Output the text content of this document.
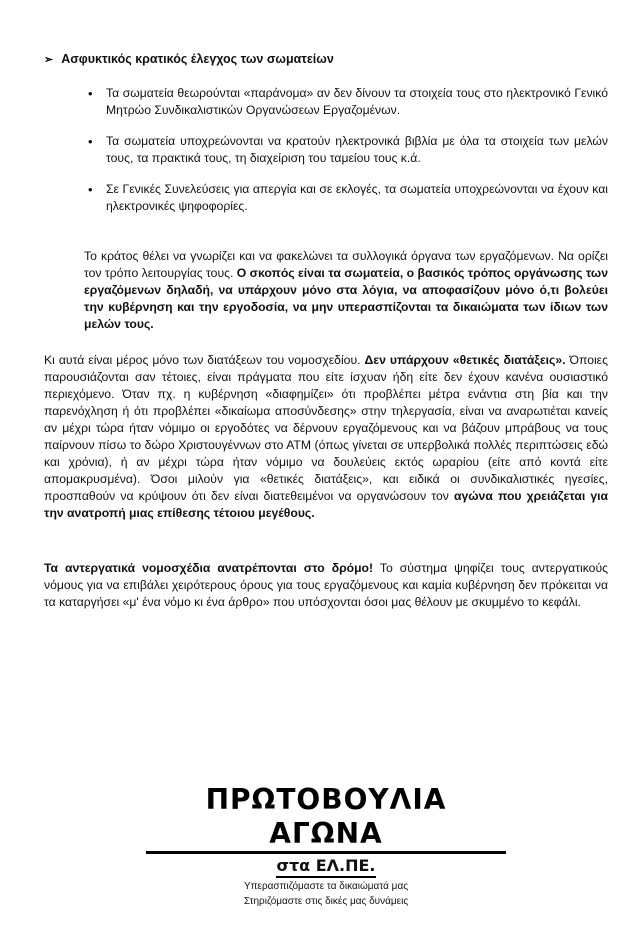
➢ Ασφυκτικός κρατικός έλεγχος των σωματείων
• Τα σωματεία θεωρούνται «παράνομα» αν δεν δίνουν τα στοιχεία τους στο ηλεκτρονικό Γενικό Μητρώο Συνδικαλιστικών Οργανώσεων Εργαζομένων.
• Τα σωματεία υποχρεώνονται να κρατούν ηλεκτρονικά βιβλία με όλα τα στοιχεία των μελών τους, τα πρακτικά τους, τη διαχείριση του ταμείου τους κ.ά.
• Σε Γενικές Συνελεύσεις για απεργία και σε εκλογές, τα σωματεία υποχρεώνονται να έχουν και ηλεκτρονικές ψηφοφορίες.

Το κράτος θέλει να γνωρίζει και να φακελώνει τα συλλογικά όργανα των εργαζόμενων. Να ορίζει τον τρόπο λειτουργίας τους. Ο σκοπός είναι τα σωματεία, ο βασικός τρόπος οργάνωσης των εργαζόμενων δηλαδή, να υπάρχουν μόνο στα λόγια, να αποφασίζουν μόνο ό,τι βολεύει την κυβέρνηση και την εργοδοσία, να μην υπερασπίζονται τα δικαιώματα των ίδιων των μελών τους.

Κι αυτά είναι μέρος μόνο των διατάξεων του νομοσχεδίου. Δεν υπάρχουν «θετικές διατάξεις». Όποιες παρουσιάζονται σαν τέτοιες, είναι πράγματα που είτε ίσχυαν ήδη είτε δεν έχουν κανένα ουσιαστικό περιεχόμενο. Όταν πχ. η κυβέρνηση «διαφημίζει» ότι προβλέπει μέτρα ενάντια στη βία και την παρενόχληση ή ότι προβλέπει «δικαίωμα αποσύνδεσης» στην τηλεργασία, είναι να αναρωτιέται κανείς αν μέχρι τώρα ήταν νόμιμο οι εργοδότες να δέρνουν εργαζόμενους και να βάζουν μπράβους να τους παίρνουν πίσω το δώρο Χριστουγέννων στο ΑΤΜ (όπως γίνεται σε υπερβολικά πολλές περιπτώσεις εδώ και χρόνια), ή αν μέχρι τώρα ήταν νόμιμο να δουλεύεις εκτός ωραρίου (είτε από κοντά είτε απομακρυσμένα). Όσοι μιλούν για «θετικές διατάξεις», και ειδικά οι συνδικαλιστικές ηγεσίες, προσπαθούν να κρύψουν ότι δεν είναι διατεθειμένοι να οργανώσουν τον αγώνα που χρειάζεται για την ανατροπή μιας επίθεσης τέτοιου μεγέθους.

Τα αντεργατικά νομοσχέδια ανατρέπονται στο δρόμο! Το σύστημα ψηφίζει τους αντεργατικούς νόμους για να επιβάλει χειρότερους όρους για τους εργαζόμενους και καμία κυβέρνηση δεν πρόκειται να τα καταργήσει «μ' ένα νόμο κι ένα άρθρο» που υπόσχονται όσοι μας θέλουν με σκυμμένο το κεφάλι.

ΠΡΩΤΟΒΟΥΛΙΑ ΑΓΩΝΑ
στα ΕΛ.ΠΕ.
Υπερασπιζόμαστε τα δικαιώματά μας
Στηριζόμαστε στις δικές μας δυνάμεις
